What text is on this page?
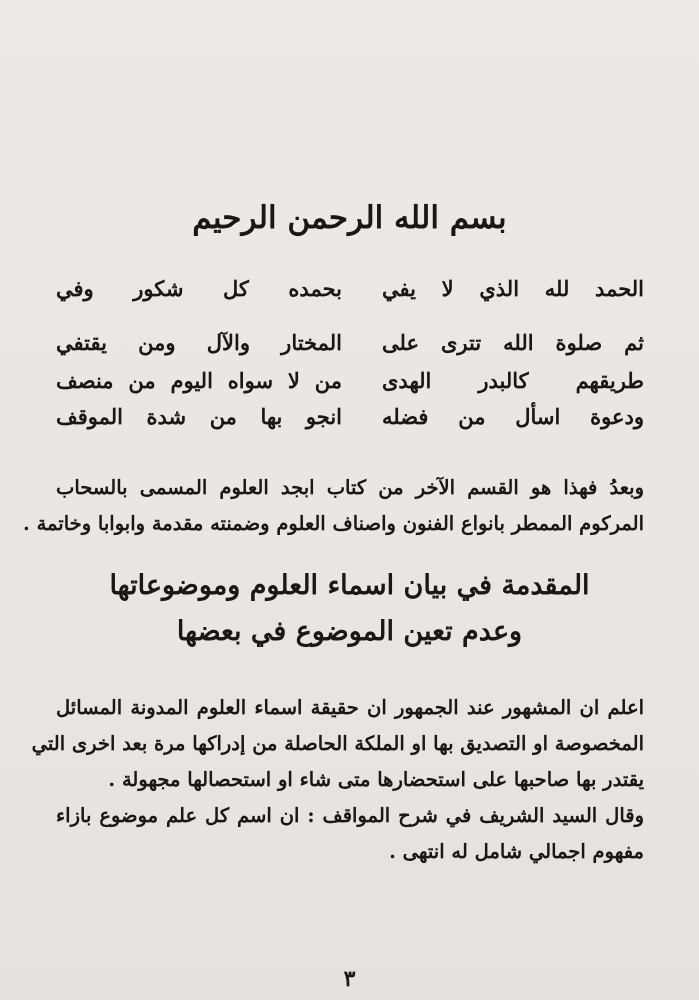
بسم الله الرحمن الرحيم
الحمد لله الذي لا يفي
بحمده كل شكور وفي
ثم صلوة الله تترى على
المختار والآل ومن يقتفي
طريقهم كالبدر الهدى
من لا سواه اليوم من منصف
ودعوة اسأل من فضله
انجو بها من شدة الموقف
وبعدُ فهذا هو القسم الآخر من كتاب ابجد العلوم المسمى بالسحاب
المركوم الممطر بانواع الفنون واصناف العلوم وضمنته مقدمة وابوابا وخاتمة .
المقدمة في بيان اسماء العلوم وموضوعاتها
وعدم تعين الموضوع في بعضها
اعلم ان المشهور عند الجمهور ان حقيقة اسماء العلوم المدونة المسائل
المخصوصة او التصديق بها او الملكة الحاصلة من إدراكها مرة بعد اخرى التي
يقتدر بها صاحبها على استحضارها متى شاء او استحصالها مجهولة .
وقال السيد الشريف في شرح المواقف : ان اسم كل علم موضوع بازاء
مفهوم اجمالي شامل له انتهى .
٣
